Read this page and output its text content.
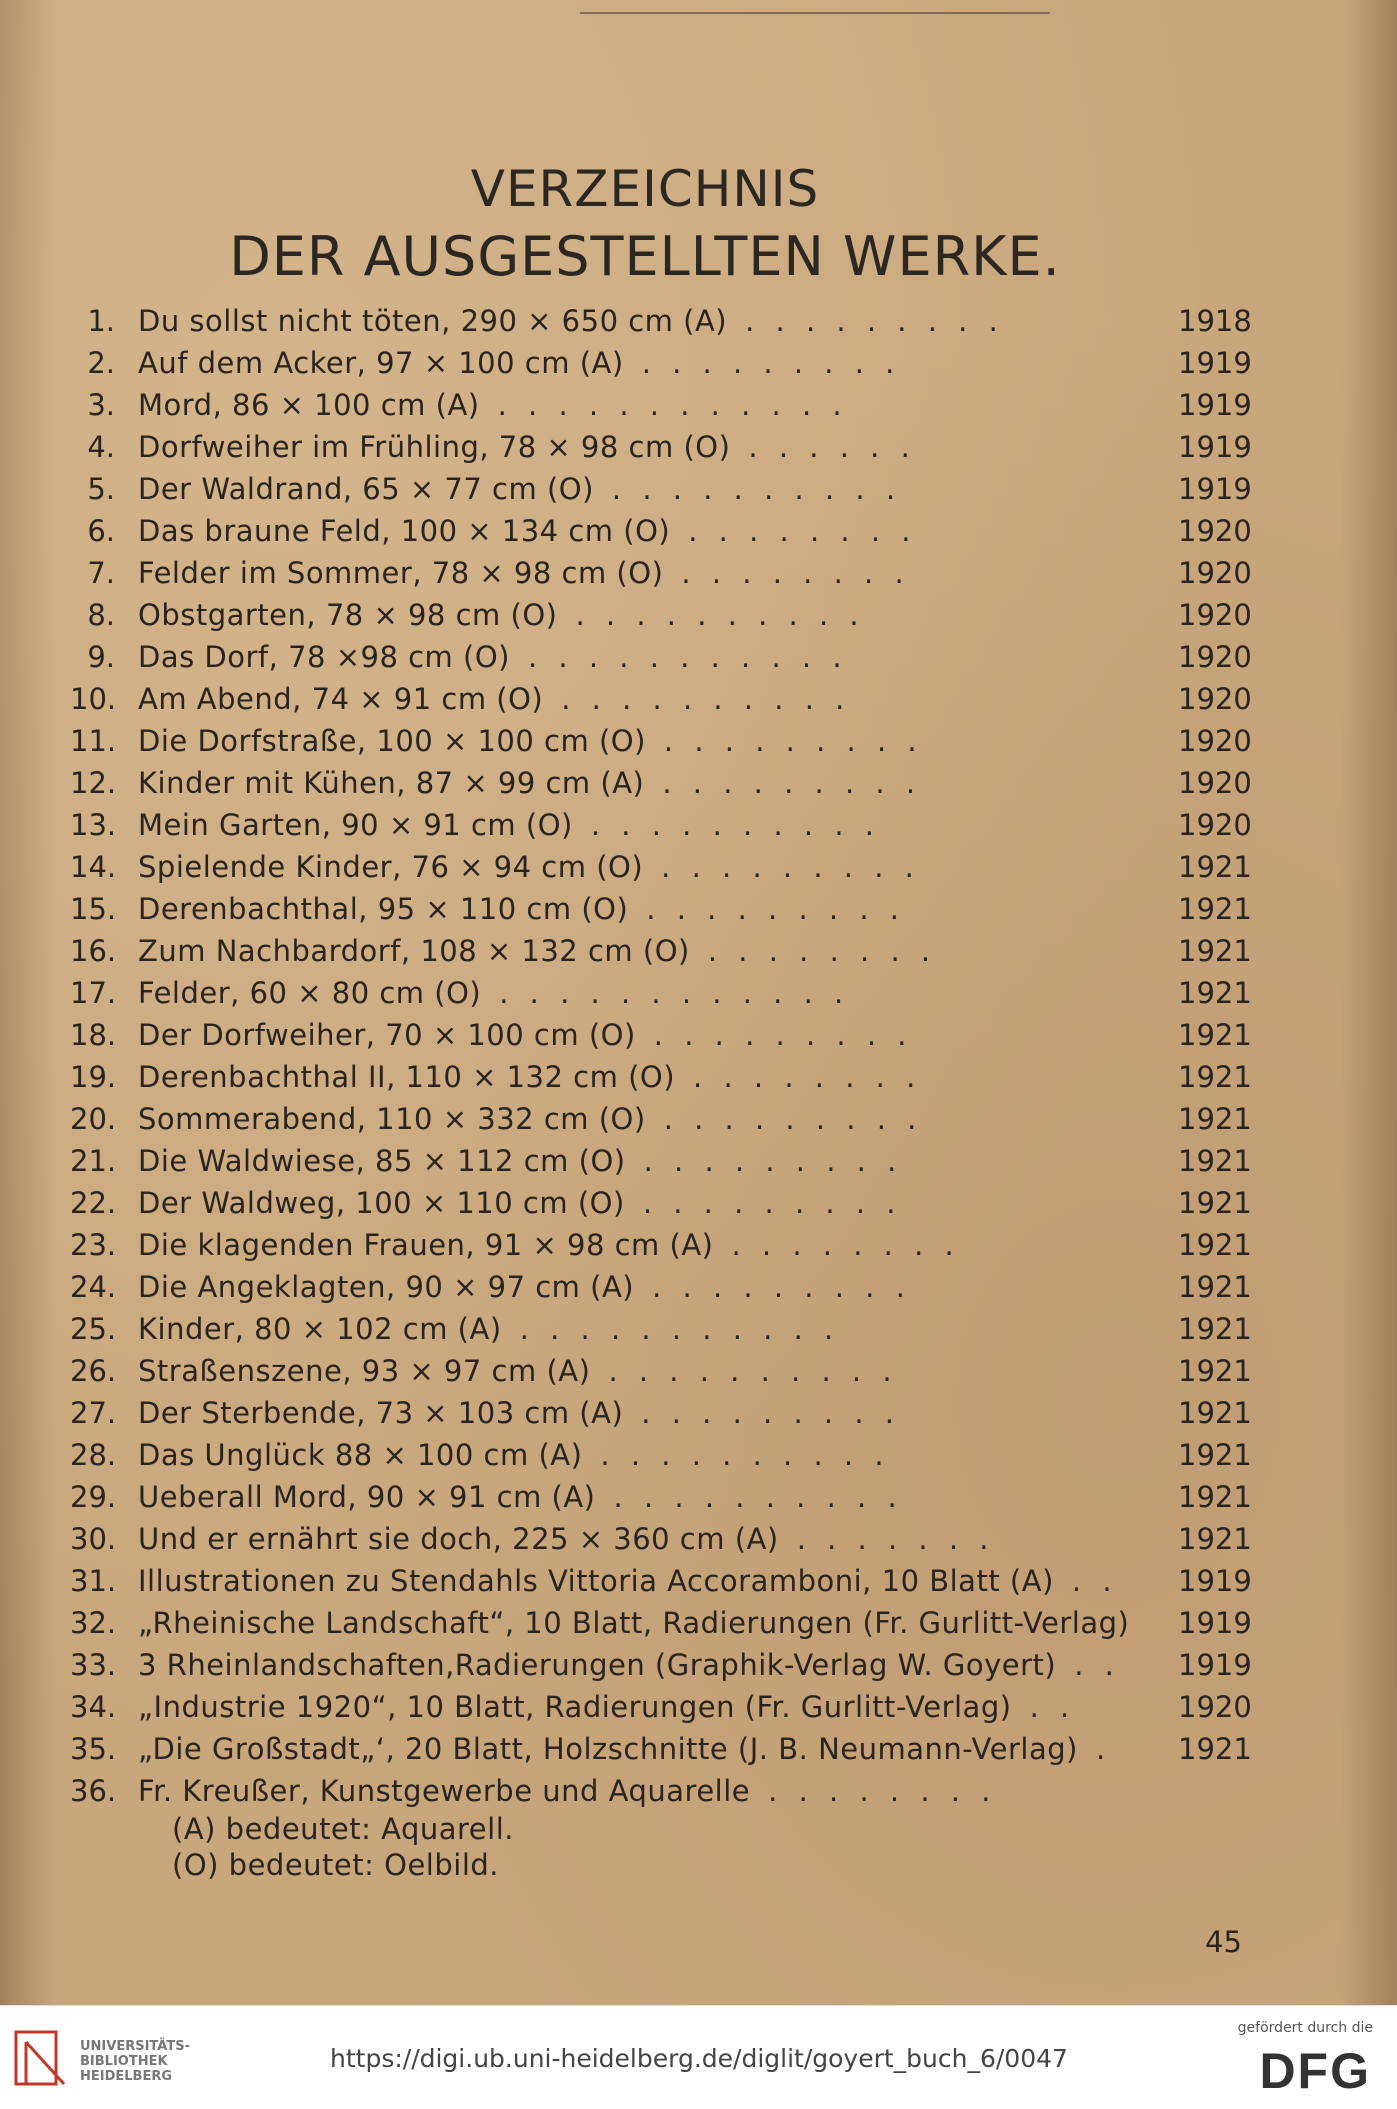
VERZEICHNIS
DER AUSGESTELLTEN WERKE.
1. Du sollst nicht töten, 290 × 650 cm (A) . . . . . . . . .	1918
2. Auf dem Acker, 97 × 100 cm (A) . . . . . . . . .	1919
3. Mord, 86 × 100 cm (A) . . . . . . . . . . . .	1919
4. Dorfweiher im Frühling, 78 × 98 cm (O) . . . . . .	1919
5. Der Waldrand, 65 × 77 cm (O) . . . . . . . . . .	1919
6. Das braune Feld, 100 × 134 cm (O) . . . . . . . .	1920
7. Felder im Sommer, 78 × 98 cm (O) . . . . . . . .	1920
8. Obstgarten, 78 × 98 cm (O) . . . . . . . . . .	1920
9. Das Dorf, 78 ×98 cm (O) . . . . . . . . . . .	1920
10. Am Abend, 74 × 91 cm (O) . . . . . . . . . .	1920
11. Die Dorfstraße, 100 × 100 cm (O) . . . . . . . . .	1920
12. Kinder mit Kühen, 87 × 99 cm (A) . . . . . . . . .	1920
13. Mein Garten, 90 × 91 cm (O) . . . . . . . . . .	1920
14. Spielende Kinder, 76 × 94 cm (O) . . . . . . . . .	1921
15. Derenbachthal, 95 × 110 cm (O) . . . . . . . . .	1921
16. Zum Nachbardorf, 108 × 132 cm (O) . . . . . . . .	1921
17. Felder, 60 × 80 cm (O) . . . . . . . . . . . .	1921
18. Der Dorfweiher, 70 × 100 cm (O) . . . . . . . . .	1921
19. Derenbachthal II, 110 × 132 cm (O) . . . . . . . .	1921
20. Sommerabend, 110 × 332 cm (O) . . . . . . . . .	1921
21. Die Waldwiese, 85 × 112 cm (O) . . . . . . . . .	1921
22. Der Waldweg, 100 × 110 cm (O) . . . . . . . . .	1921
23. Die klagenden Frauen, 91 × 98 cm (A) . . . . . . . .	1921
24. Die Angeklagten, 90 × 97 cm (A) . . . . . . . . .	1921
25. Kinder, 80 × 102 cm (A) . . . . . . . . . . .	1921
26. Straßenszene, 93 × 97 cm (A) . . . . . . . . . .	1921
27. Der Sterbende, 73 × 103 cm (A) . . . . . . . . .	1921
28. Das Unglück 88 × 100 cm (A) . . . . . . . . . .	1921
29. Ueberall Mord, 90 × 91 cm (A) . . . . . . . . . .	1921
30. Und er ernährt sie doch, 225 × 360 cm (A) . . . . . . .	1921
31. Illustrationen zu Stendahls Vittoria Accoramboni, 10 Blatt (A) . . 1919
32. „Rheinische Landschaft“, 10 Blatt, Radierungen (Fr. Gurlitt-Verlag)	1919
33. 3 Rheinlandschaften,Radierungen (Graphik-Verlag W. Goyert) . . 1919
34. „Industrie 1920“, 10 Blatt, Radierungen (Fr. Gurlitt-Verlag) . .	1920
35. „Die Großstadt„‘, 20 Blatt, Holzschnitte (J. B. Neumann-Verlag) . 1921
36. Fr. Kreußer, Kunstgewerbe und Aquarelle . . . . . . . .
(A) bedeutet: Aquarell.
(O) bedeutet: Oelbild.
45
UNIVERSITÄTS-
BIBLIOTHEK
HEIDELBERG
https://digi.ub.uni-heidelberg.de/diglit/goyert_buch_6/0047
gefördert durch die
DFG
